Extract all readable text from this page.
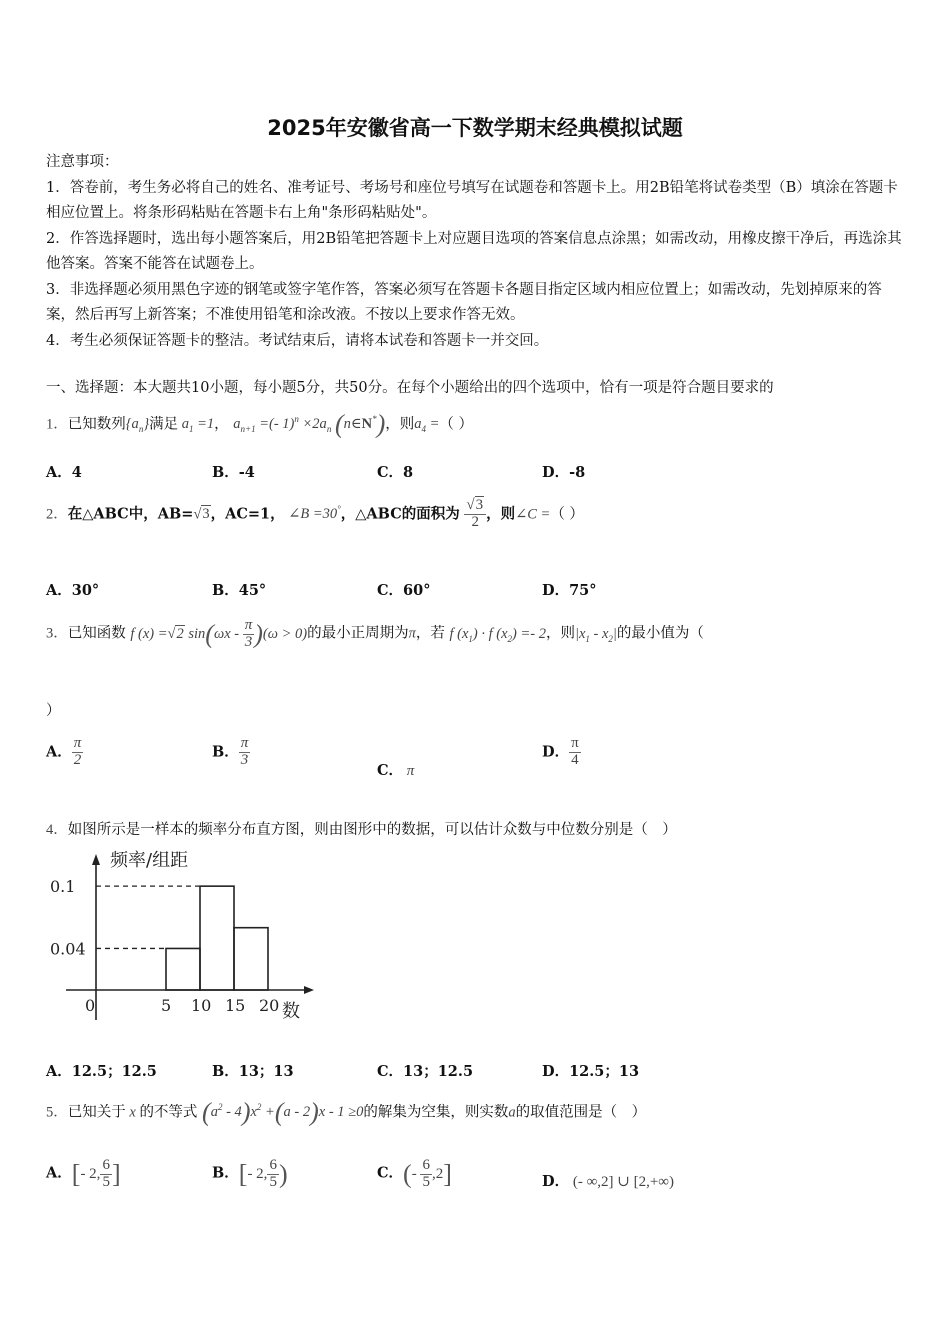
2025年安徽省高一下数学期末经典模拟试题

注意事项：

1．答卷前，考生务必将自己的姓名、准考证号、考场号和座位号填写在试题卷和答题卡上。用2B铅笔将试卷类型（B）填涂在答题卡相应位置上。将条形码粘贴在答题卡右上角"条形码粘贴处"。

2．作答选择题时，选出每小题答案后，用2B铅笔把答题卡上对应题目选项的答案信息点涂黑；如需改动，用橡皮擦干净后，再选涂其他答案。答案不能答在试题卷上。

3．非选择题必须用黑色字迹的钢笔或签字笔作答，答案必须写在答题卡各题目指定区域内相应位置上；如需改动，先划掉原来的答案，然后再写上新答案；不准使用铅笔和涂改液。不按以上要求作答无效。

4．考生必须保证答题卡的整洁。考试结束后，请将本试卷和答题卡一并交回。

一、选择题：本大题共10小题，每小题5分，共50分。在每个小题给出的四个选项中，恰有一项是符合题目要求的
1．已知数列$\{a_n\}$满足 $a_1 =1$， $a_{n+1}$ =(- $1)^n \times 2a_n$ (n∈N*)，则$a_4$ =（ ）
A．4	B．-4	C．8	D．-8
2．在△ABC中，AB=√3，AC=1， ∠B =30°，△ABC的面积为 $\frac{√3}{2}$ ，则∠C =（ ）
A．30°	B．45°	C．60°	D．75°
3．已知函数 f (x) =√2 $\sin(\omega x - \frac{\pi}{3} )(\omega > 0)$的最小正周期为π，若 f $(x_1) \cdot f$ $(x_2) =- 2$，则$|x_1 - x_2|$的最小值为（
）
A． $\frac{\pi}{2}$	B． $\frac{\pi}{3}$
C． π
D． $\frac{\pi}{4}$
4．如图所示是一样本的频率分布直方图，则由图形中的数据，可以估计众数与中位数分别是（　）
频率/组距
数
0	5 10 15 20
0.04
0.1
A．12.5；12.5	B．13；13	C．13；12.5	D．12.5；13
5．已知关于 x 的不等式 $(a^2 - 4)x^2 +(a - 2)x - 1 \ge 0$的解集为空集，则实数a的取值范围是（　）
A．[- 2, $\frac{6}{5}$ ]	B．[- 2, $\frac{6}{5}$ )	C．(- $\frac{6}{5} ,2$]	D． (- ∞,2] ∪ [2,+∞)
